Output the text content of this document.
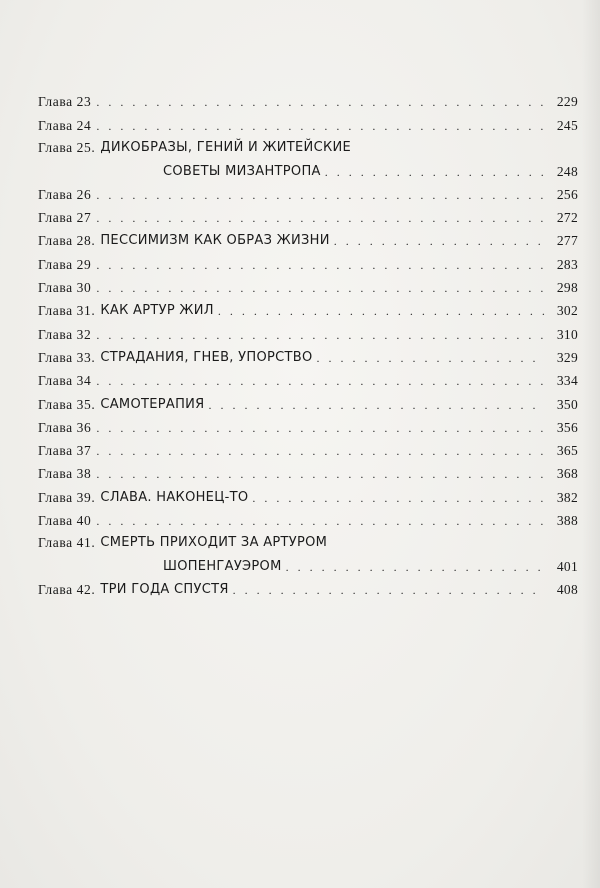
Глава 23 . . .	229
Глава 24 . . .	245
Глава 25. ДИКОБРАЗЫ, ГЕНИЙ И ЖИТЕЙСКИЕ
СОВЕТЫ МИЗАНТРОПА . . .	248
Глава 26 . . .	256
Глава 27 . . .	272
Глава 28. ПЕССИМИЗМ КАК ОБРАЗ ЖИЗНИ . . .	277
Глава 29 . . .	283
Глава 30 . . .	298
Глава 31. КАК АРТУР ЖИЛ . . .	302
Глава 32 . . .	310
Глава 33. СТРАДАНИЯ, ГНЕВ, УПОРСТВО . . .	329
Глава 34 . . .	334
Глава 35. САМОТЕРАПИЯ . . .	350
Глава 36 . . .	356
Глава 37 . . .	365
Глава 38 . . .	368
Глава 39. СЛАВА. НАКОНЕЦ-ТО . . .	382
Глава 40 . . .	388
Глава 41. СМЕРТЬ ПРИХОДИТ ЗА АРТУРОМ
ШОПЕНГАУЭРОМ . . .	401
Глава 42. ТРИ ГОДА СПУСТЯ . . .	408
